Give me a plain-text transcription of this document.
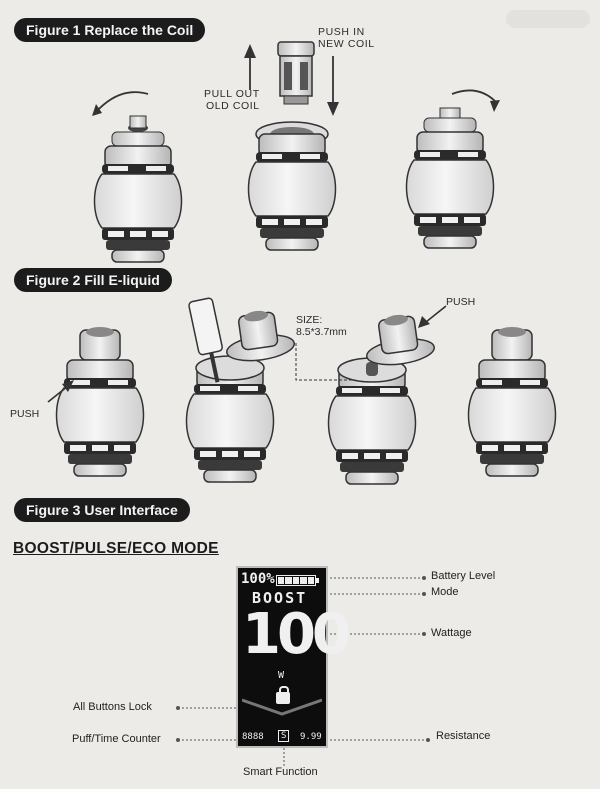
Figure 1 Replace the Coil
Figure 2 Fill E-liquid
Figure 3 User Interface
PULL OUT
OLD COIL
PUSH IN
NEW COIL
PUSH
SIZE:
8.5*3.7mm
PUSH
BOOST/PULSE/ECO MODE
100%
BOOST
100
W
8888	S	9.99
Battery Level
Mode
Wattage
All Buttons Lock
Puff/Time Counter	Resistance
Smart Function
